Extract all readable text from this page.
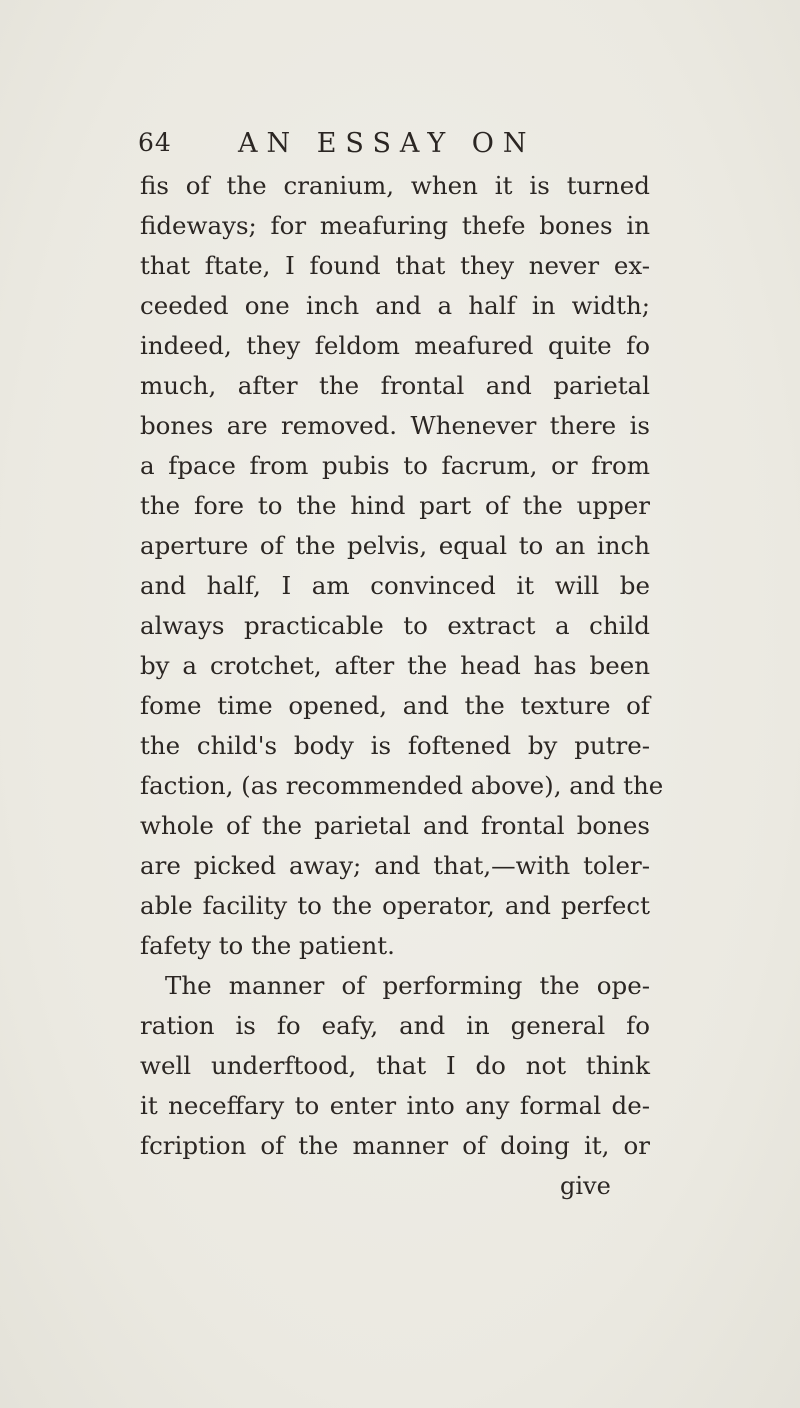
64 AN ESSAY ON
fis of the cranium, when it is turned
fideways; for meafuring thefe bones in
that ftate, I found that they never ex-
ceeded one inch and a half in width;
indeed, they feldom meafured quite fo
much, after the frontal and parietal
bones are removed. Whenever there is
a fpace from pubis to facrum, or from
the fore to the hind part of the upper
aperture of the pelvis, equal to an inch
and half, I am convinced it will be
always practicable to extract a child
by a crotchet, after the head has been
fome time opened, and the texture of
the child's body is foftened by putre-
faction, (as recommended above), and the
whole of the parietal and frontal bones
are picked away; and that,—with toler-
able facility to the operator, and perfect
fafety to the patient.
The manner of performing the ope-
ration is fo eafy, and in general fo
well underftood, that I do not think
it neceffary to enter into any formal de-
fcription of the manner of doing it, or
give
